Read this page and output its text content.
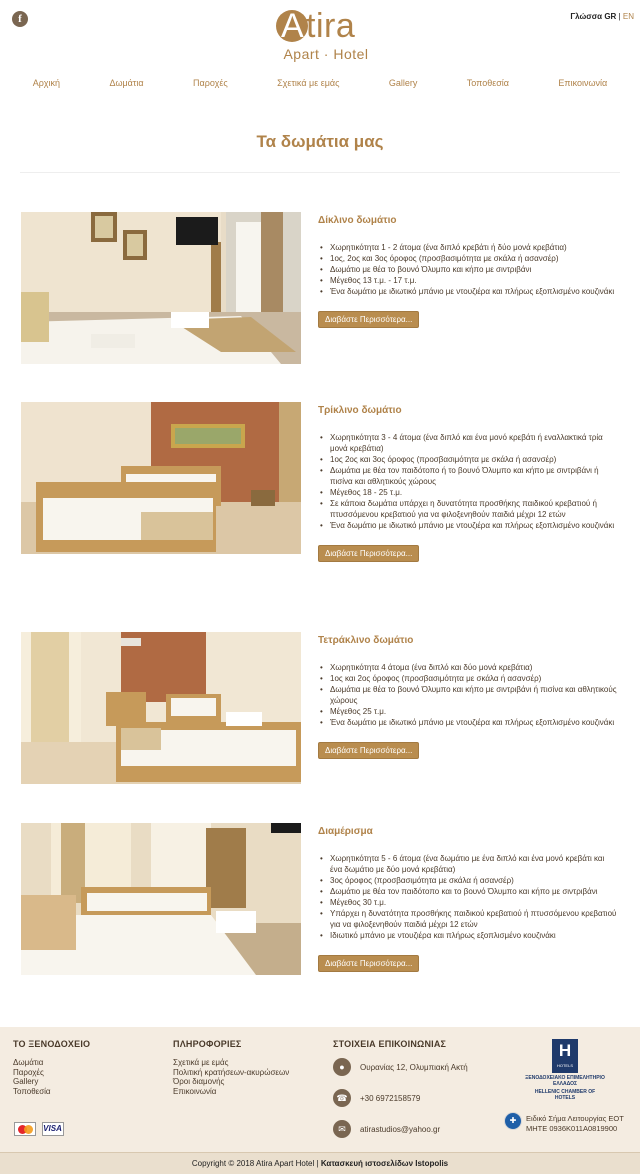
f	A tira
Apart · Hotel
Γλώσσα GR | EN
Αρχική	Δωμάτια	Παροχές	Σχετικά με εμάς	Gallery	Τοποθεσία	Επικοινωνία
Τα δωμάτια μας
Δίκλινο δωμάτιο
• Χωρητικότητα 1 - 2 άτομα (ένα διπλό κρεβάτι ή δύο μονά κρεβάτια)
• 1ος, 2ος και 3ος όροφος (προσβασιμότητα με σκάλα ή ασανσέρ)
• Δωμάτιο με θέα το βουνό Όλυμπο και κήπο με σιντριβάνι
• Μέγεθος 13 τ.μ. - 17 τ.μ.
• Ένα δωμάτιο με ιδιωτικό μπάνιο με ντουζιέρα και πλήρως εξοπλισμένο κουζινάκι
Διαβάστε Περισσότερα...
Τρίκλινο δωμάτιο
• Χωρητικότητα 3 - 4 άτομα (ένα διπλό και ένα μονό κρεβάτι ή εναλλακτικά τρία μονά κρεβάτια)
• 1ος 2ος και 3ος όροφος (προσβασιμότητα με σκάλα ή ασανσέρ)
• Δωμάτια με θέα τον παιδότοπο ή το βουνό Όλυμπο και κήπο με σιντριβάνι ή πισίνα και αθλητικούς χώρους
• Μέγεθος 18 - 25 τ.μ.
• Σε κάποια δωμάτια υπάρχει η δυνατότητα προσθήκης παιδικού κρεβατιού ή πτυσσόμενου κρεβατιού για να φιλοξενηθούν παιδιά μέχρι 12 ετών
• Ένα δωμάτιο με ιδιωτικό μπάνιο με ντουζιέρα και πλήρως εξοπλισμένο κουζινάκι
Διαβάστε Περισσότερα...
Τετράκλινο δωμάτιο
• Χωρητικότητα 4 άτομα (ένα διπλό και δύο μονά κρεβάτια)
• 1ος και 2ος όροφος (προσβασιμότητα με σκάλα ή ασανσέρ)
• Δωμάτια με θέα το βουνό Όλυμπο και κήπο με σιντριβάνι ή πισίνα και αθλητικούς χώρους
• Μέγεθος 25 τ.μ.
• Ένα δωμάτιο με ιδιωτικό μπάνιο με ντουζιέρα και πλήρως εξοπλισμένο κουζινάκι
Διαβάστε Περισσότερα...
Διαμέρισμα
• Χωρητικότητα 5 - 6 άτομα (ένα δωμάτιο με ένα διπλό και ένα μονό κρεβάτι και ένα δωμάτιο με δύο μονά κρεβάτια)
• 3ος όροφος (προσβασιμότητα με σκάλα ή ασανσέρ)
• Δωμάτιο με θέα τον παιδότοπο και το βουνό Όλυμπο και κήπο με σιντριβάνι
• Μέγεθος 30 τ.μ.
• Υπάρχει η δυνατότητα προσθήκης παιδικού κρεβατιού ή πτυσσόμενου κρεβατιού για να φιλοξενηθούν παιδιά μέχρι 12 ετών
• Ιδιωτικό μπάνιο με ντουζιέρα και πλήρως εξοπλισμένο κουζινάκι
Διαβάστε Περισσότερα...
ΤΟ ΞΕΝΟΔΟΧΕΙΟ
Δωμάτια
Παροχές
Gallery
Τοποθεσία
ΠΛΗΡΟΦΟΡΙΕΣ
Σχετικά με εμάς
Πολιτική κρατήσεων-ακυρώσεων
Όροι διαμονής
Επικοινωνία
ΣΤΟΙΧΕΙΑ ΕΠΙΚΟΙΝΩΝΙΑΣ
●	Ουρανίας 12, Ολυμπιακή Ακτή
☎	+30 6972158579
✉	atirastudios@yahoo.gr
H
HOTELS
ΞΕΝΟΔΟΧΕΙΑΚΟ ΕΠΙΜΕΛΗΤΗΡΙΟ ΕΛΛΑΔΟΣ
HELLENIC CHAMBER OF HOTELS
✚	Ειδικό Σήμα Λειτουργίας ΕΟΤ
ΜΗΤΕ 0936Κ011Α0819900
VISA
Copyright © 2018 Atira Apart Hotel | Κατασκευή ιστοσελίδων Istopolis
